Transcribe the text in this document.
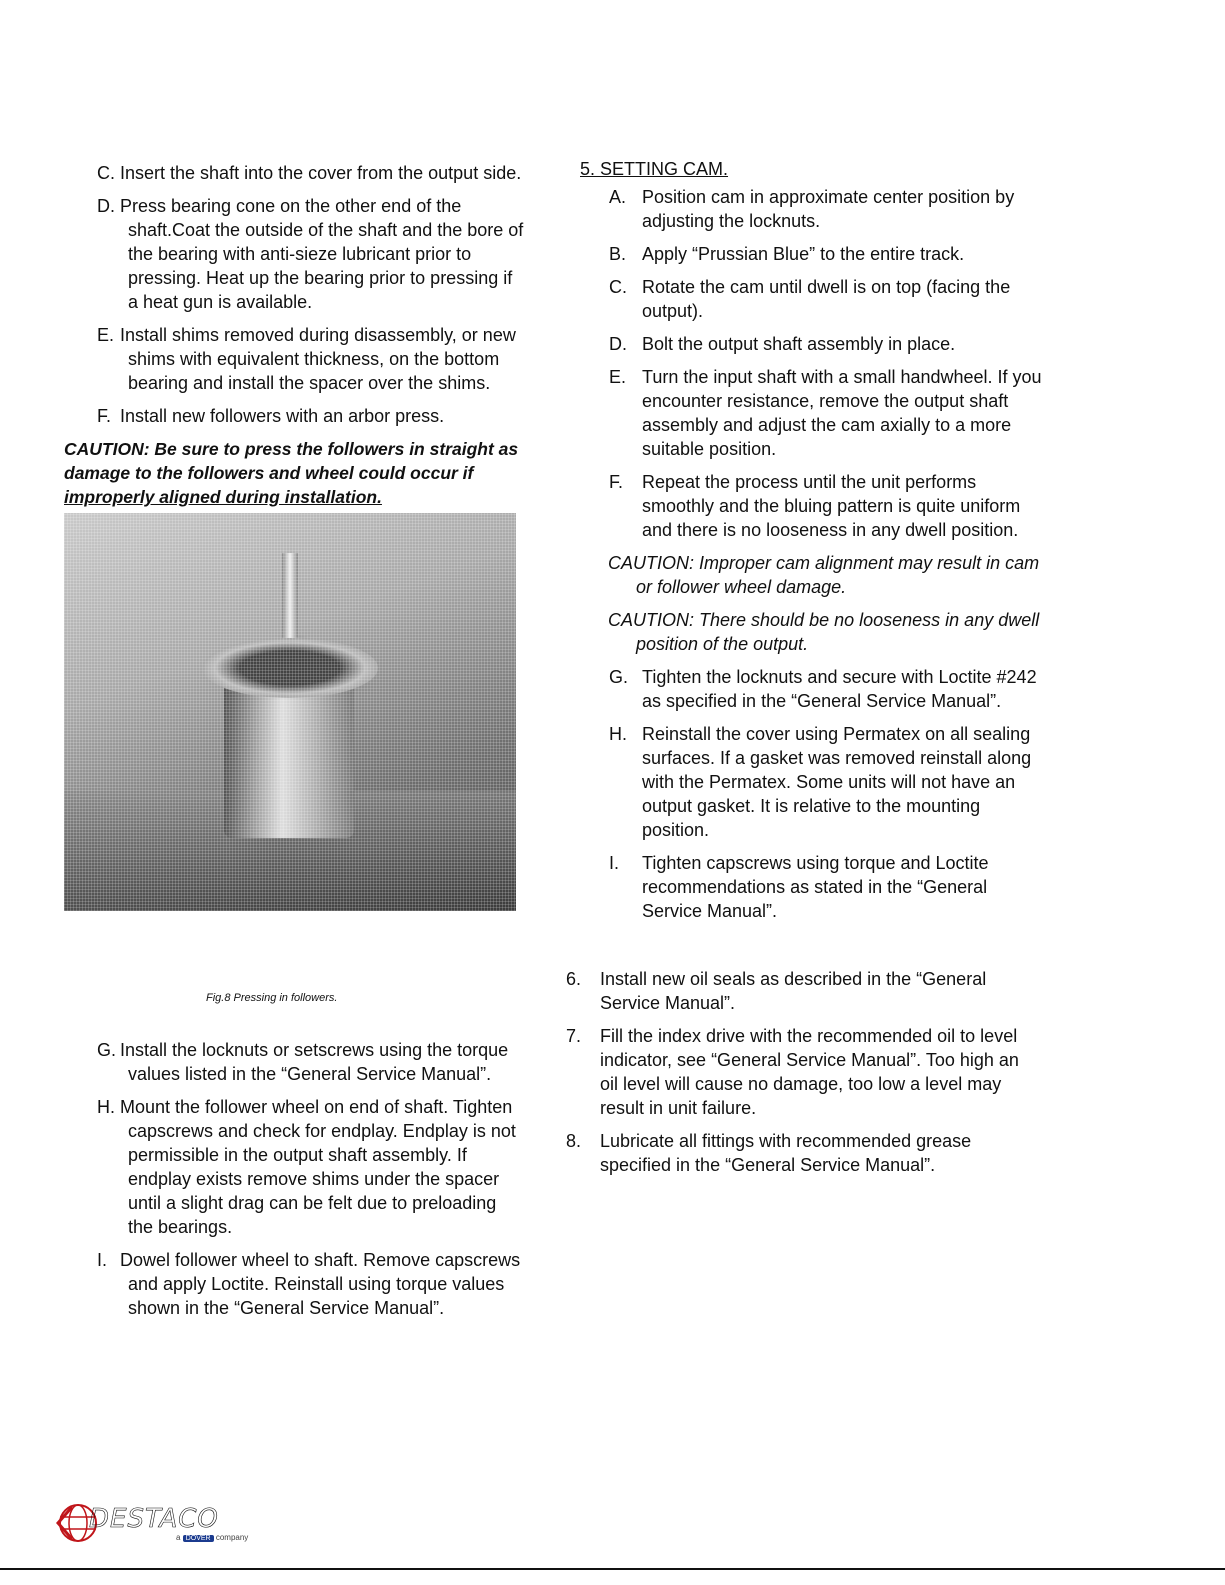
C. Insert the shaft into the cover from the output side.
D. Press bearing cone on the other end of the shaft.Coat the outside of the shaft and the bore of the bearing with anti-sieze lubricant prior to pressing. Heat up the bearing prior to pressing if a heat gun is available.
E. Install shims removed during disassembly, or new shims with equivalent thickness, on the bottom bearing and install the spacer over the shims.
F. Install new followers with an arbor press.
CAUTION: Be sure to press the followers in straight as damage to the followers and wheel could occur if improperly aligned during installation.
Fig.8 Pressing in followers.
G. Install the locknuts or setscrews using the torque values listed in the “General Service Manual”.
H. Mount the follower wheel on end of shaft. Tighten capscrews and check for endplay. Endplay is not permissible in the output shaft assembly. If endplay exists remove shims under the spacer until a slight drag can be felt due to preloading the bearings.
I. Dowel follower wheel to shaft. Remove capscrews and apply Loctite. Reinstall using torque values shown in the “General Service Manual”.
5. SETTING CAM.
A. Position cam in approximate center position by adjusting the locknuts.
B. Apply “Prussian Blue” to the entire track.
C. Rotate the cam until dwell is on top (facing the output).
D. Bolt the output shaft assembly in place.
E. Turn the input shaft with a small handwheel. If you encounter resistance, remove the output shaft assembly and adjust the cam axially to a more suitable position.
F. Repeat the process until the unit performs smoothly and the bluing pattern is quite uniform and there is no looseness in any dwell position.
CAUTION: Improper cam alignment may result in cam or follower wheel damage.
CAUTION: There should be no looseness in any dwell position of the output.
G. Tighten the locknuts and secure with Loctite #242 as specified in the “General Service Manual”.
H. Reinstall the cover using Permatex on all sealing surfaces. If a gasket was removed reinstall along with the Permatex. Some units will not have an output gasket. It is relative to the mounting position.
I. Tighten capscrews using torque and Loctite recommendations as stated in the “General Service Manual”.
6. Install new oil seals as described in the “General Service Manual”.
7. Fill the index drive with the recommended oil to level indicator, see “General Service Manual”. Too high an oil level will cause no damage, too low a level may result in unit failure.
8. Lubricate all fittings with recommended grease specified in the “General Service Manual”.
DESTACO
a DOVER company
